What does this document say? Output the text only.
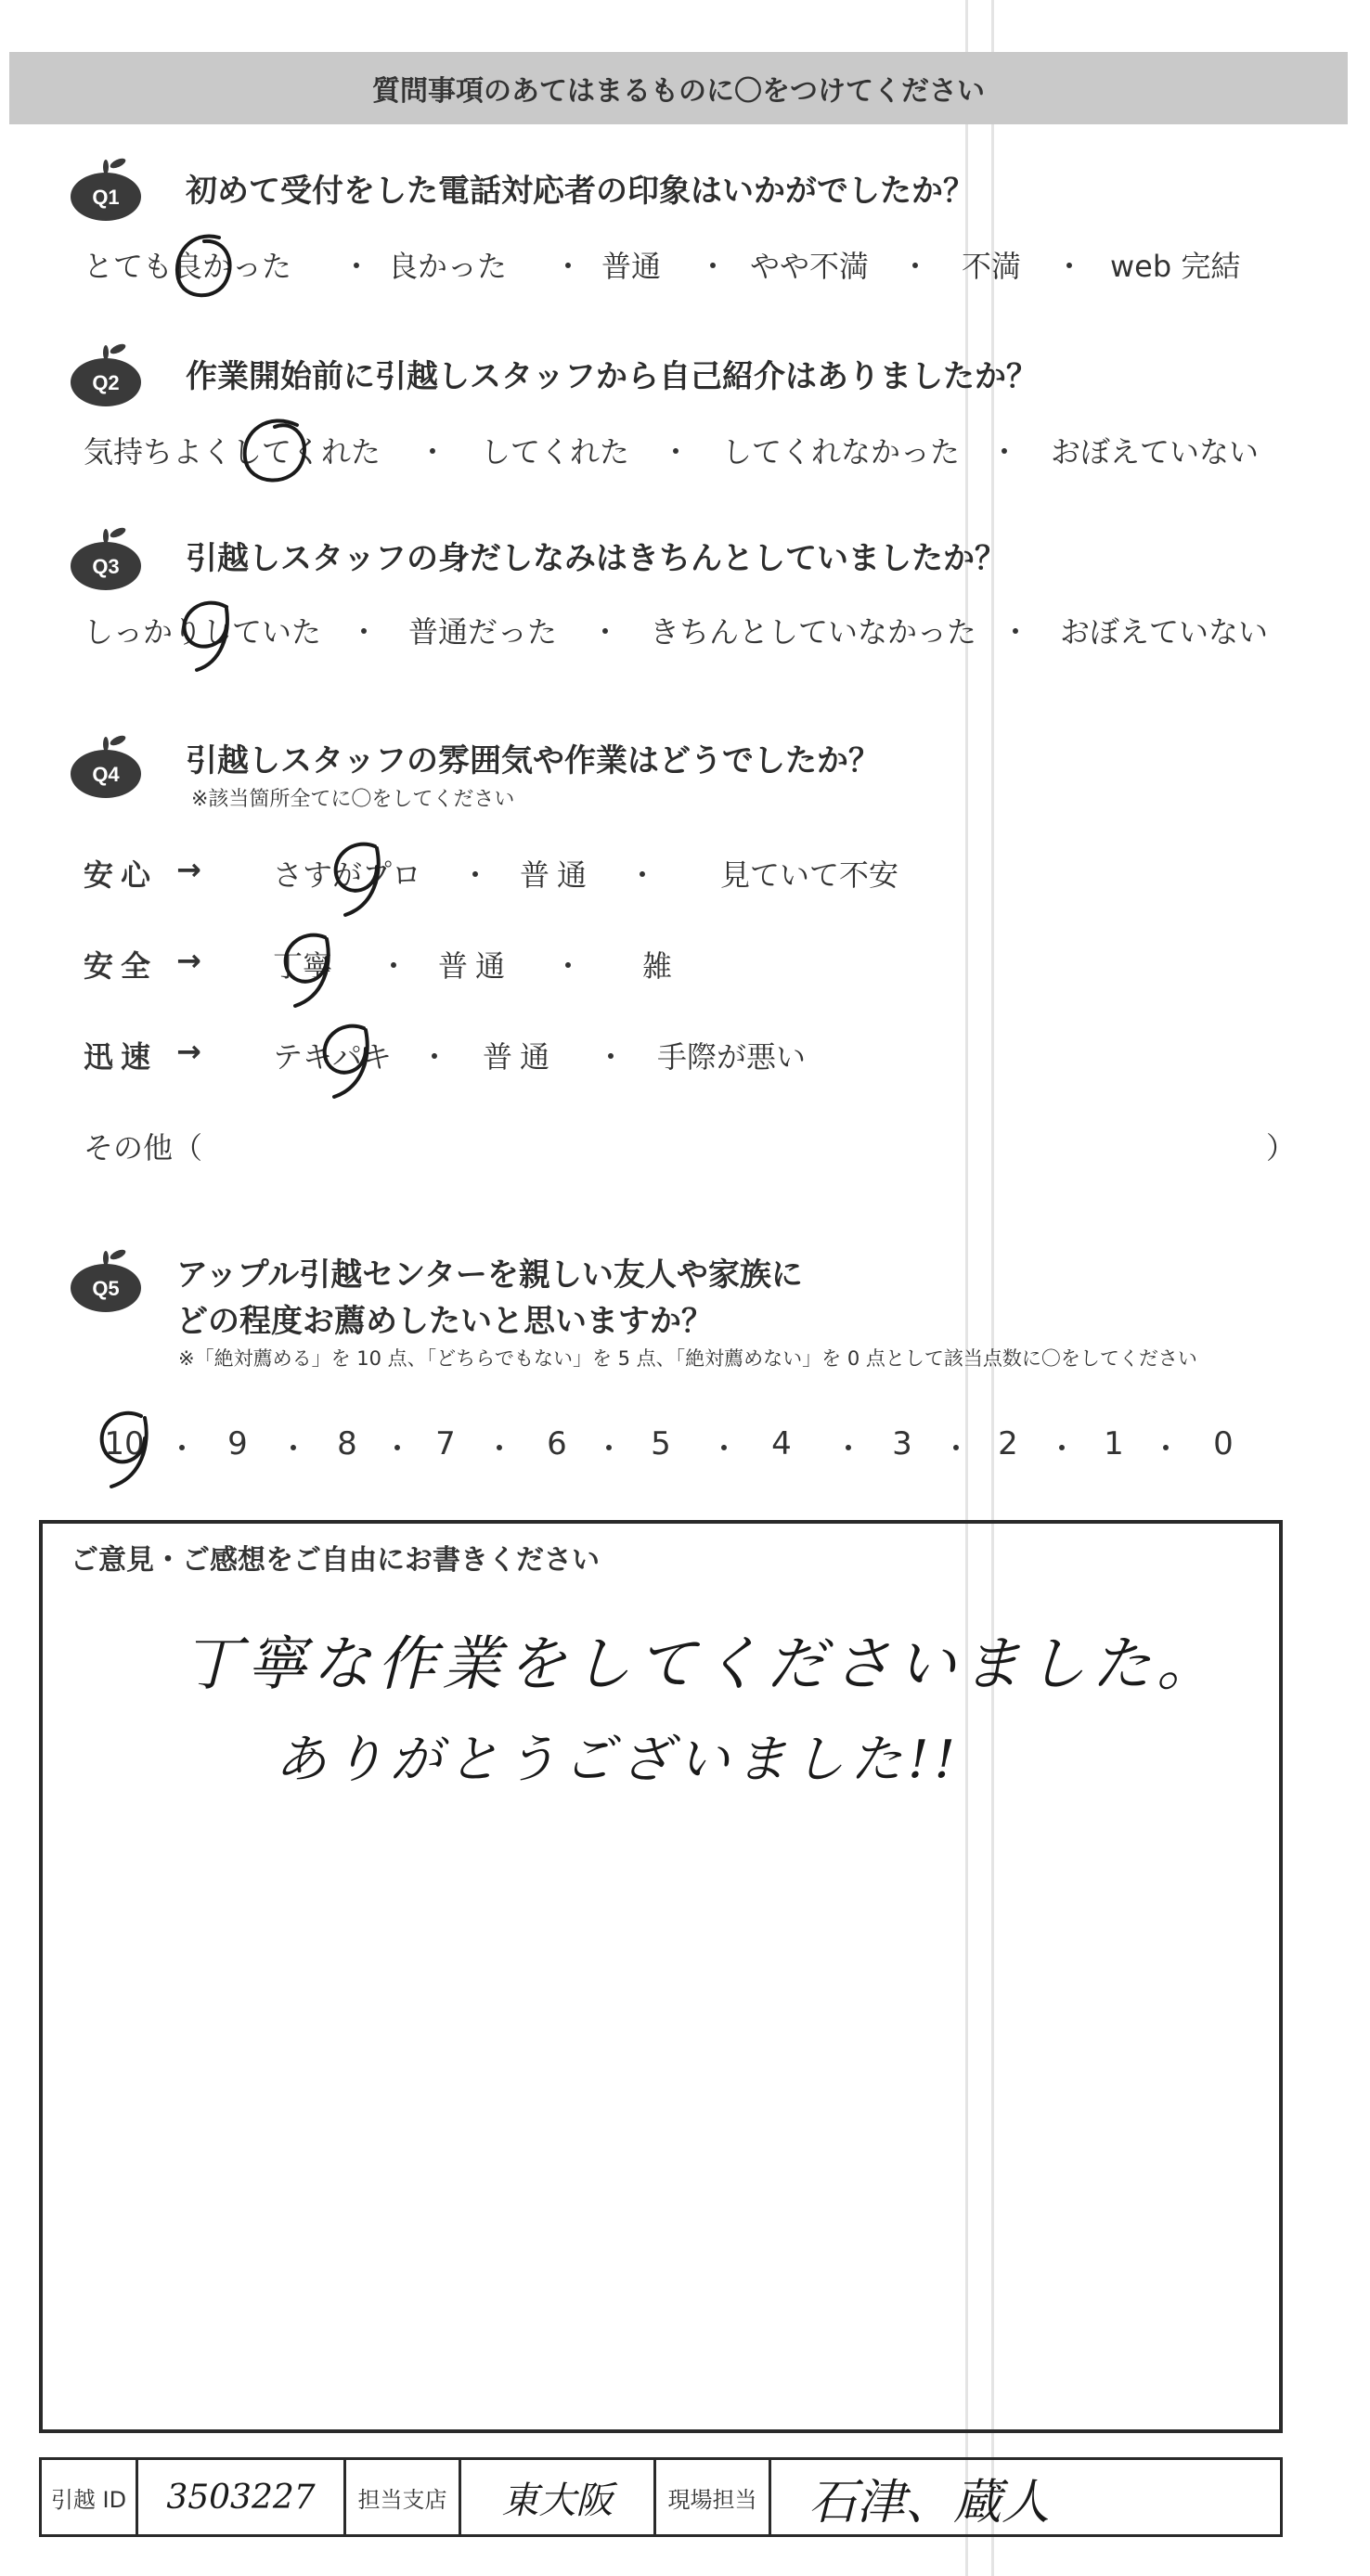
質問事項のあてはまるものに〇をつけてください
Q1 初めて受付をした電話対応者の印象はいかがでしたか？
とても良かった ・ 良かった ・ 普通 ・ やや不満 ・ 不満 ・ web 完結
Q2 作業開始前に引越しスタッフから自己紹介はありましたか？
気持ちよくしてくれた ・ してくれた ・ してくれなかった ・ おぼえていない
Q3 引越しスタッフの身だしなみはきちんとしていましたか？
しっかりしていた ・ 普通だった ・ きちんとしていなかった ・ おぼえていない
Q4 引越しスタッフの雰囲気や作業はどうでしたか？
※該当箇所全てに〇をしてください
安心 → さすがプロ ・ 普通 ・ 見ていて不安
安全 → 丁寧 ・ 普通 ・ 雑
迅速 → テキパキ ・ 普通 ・ 手際が悪い
その他（	）
Q5 アップル引越センターを親しい友人や家族に
どの程度お薦めしたいと思いますか？
※「絶対薦める」を 10 点、「どちらでもない」を 5 点、「絶対薦めない」を 0 点として該当点数に〇をしてください
10 ・ 9 ・ 8 ・ 7 ・ 6 ・ 5 ・ 4 ・ 3 ・ 2 ・ 1 ・ 0
ご意見・ご感想をご自由にお書きください
丁寧な作業をしてくださいました。
ありがとうございました!!
引越 ID	3503227	担当支店	東大阪	現場担当	石津、蔵人
